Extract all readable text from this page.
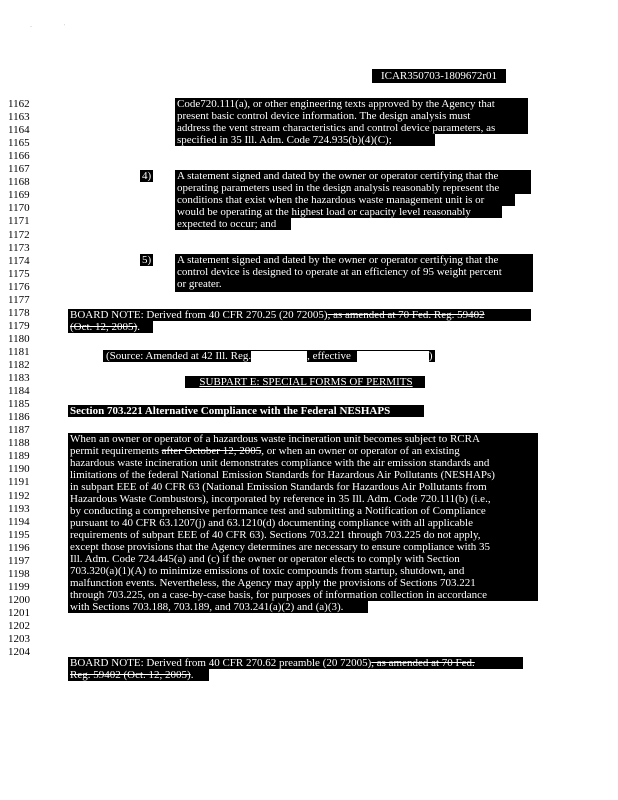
-	'
ICAR350703-1809672r01
1162
1163
1164
1165
1166
1167
1168
1169
1170
1171
1172
1173
1174
1175
1176
1177
1178
1179
1180
1181
1182
1183
1184
1185
1186
1187
1188
1189
1190
1191
1192
1193
1194
1195
1196
1197
1198
1199
1200
1201
1202
1203
1204
Code720.111(a), or other engineering texts approved by the Agency that
present basic control device information. The design analysis must
address the vent stream characteristics and control device parameters, as
specified in 35 Ill. Adm. Code 724.935(b)(4)(C);
4) A statement signed and dated by the owner or operator certifying that the
operating parameters used in the design analysis reasonably represent the
conditions that exist when the hazardous waste management unit is or
would be operating at the highest load or capacity level reasonably
expected to occur; and
5) A statement signed and dated by the owner or operator certifying that the
control device is designed to operate at an efficiency of 95 weight percent
or greater.
BOARD NOTE: Derived from 40 CFR 270.25 (20 72005), as amended at 70 Fed. Reg. 59402
(Oct. 12, 2005).
(Source: Amended at 42 Ill. Reg.	, effective	)
SUBPART E: SPECIAL FORMS OF PERMITS
Section 703.221 Alternative Compliance with the Federal NESHAPS
When an owner or operator of a hazardous waste incineration unit becomes subject to RCRA
permit requirements after October 12, 2005, or when an owner or operator of an existing
hazardous waste incineration unit demonstrates compliance with the air emission standards and
limitations of the federal National Emission Standards for Hazardous Air Pollutants (NESHAPs)
in subpart EEE of 40 CFR 63 (National Emission Standards for Hazardous Air Pollutants from
Hazardous Waste Combustors), incorporated by reference in 35 Ill. Adm. Code 720.111(b) (i.e.,
by conducting a comprehensive performance test and submitting a Notification of Compliance
pursuant to 40 CFR 63.1207(j) and 63.1210(d) documenting compliance with all applicable
requirements of subpart EEE of 40 CFR 63). Sections 703.221 through 703.225 do not apply,
except those provisions that the Agency determines are necessary to ensure compliance with 35
Ill. Adm. Code 724.445(a) and (c) if the owner or operator elects to comply with Section
703.320(a)(1)(A) to minimize emissions of toxic compounds from startup, shutdown, and
malfunction events. Nevertheless, the Agency may apply the provisions of Sections 703.221
through 703.225, on a case-by-case basis, for purposes of information collection in accordance
with Sections 703.188, 703.189, and 703.241(a)(2) and (a)(3).
BOARD NOTE: Derived from 40 CFR 270.62 preamble (20 72005), as amended at 70 Fed.
Reg. 59402 (Oct. 12, 2005).
